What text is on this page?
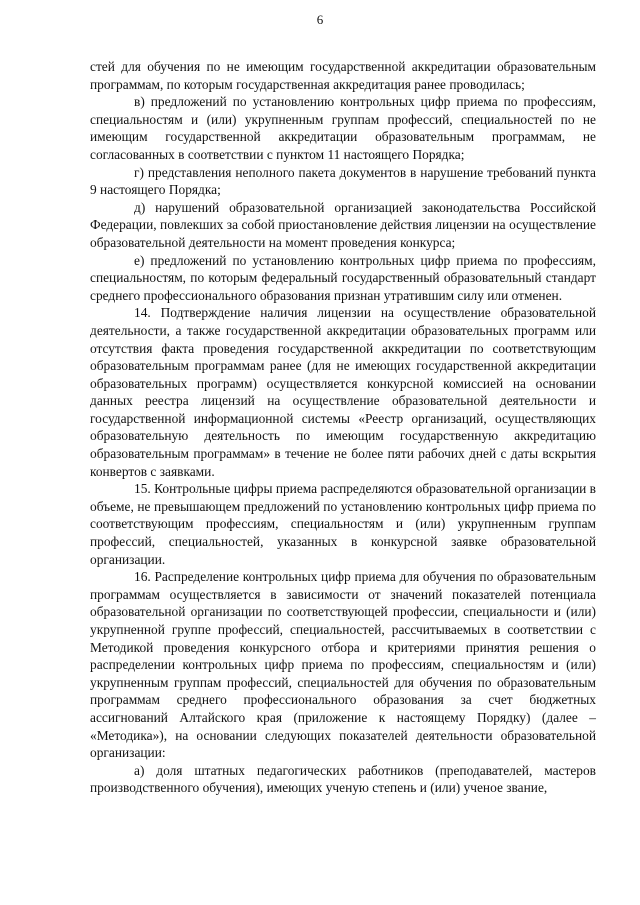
6

стей для обучения по не имеющим государственной аккредитации образовательным программам, по которым государственная аккредитация ранее проводилась;

в) предложений по установлению контрольных цифр приема по профессиям, специальностям и (или) укрупненным группам профессий, специальностей по не имеющим государственной аккредитации образовательным программам, не согласованных в соответствии с пунктом 11 настоящего Порядка;

г) представления неполного пакета документов в нарушение требований пункта 9 настоящего Порядка;

д) нарушений образовательной организацией законодательства Российской Федерации, повлекших за собой приостановление действия лицензии на осуществление образовательной деятельности на момент проведения конкурса;

е) предложений по установлению контрольных цифр приема по профессиям, специальностям, по которым федеральный государственный образовательный стандарт среднего профессионального образования признан утратившим силу или отменен.

14. Подтверждение наличия лицензии на осуществление образовательной деятельности, а также государственной аккредитации образовательных программ или отсутствия факта проведения государственной аккредитации по соответствующим образовательным программам ранее (для не имеющих государственной аккредитации образовательных программ) осуществляется конкурсной комиссией на основании данных реестра лицензий на осуществление образовательной деятельности и государственной информационной системы «Реестр организаций, осуществляющих образовательную деятельность по имеющим государственную аккредитацию образовательным программам» в течение не более пяти рабочих дней с даты вскрытия конвертов с заявками.

15. Контрольные цифры приема распределяются образовательной организации в объеме, не превышающем предложений по установлению контрольных цифр приема по соответствующим профессиям, специальностям и (или) укрупненным группам профессий, специальностей, указанных в конкурсной заявке образовательной организации.

16. Распределение контрольных цифр приема для обучения по образовательным программам осуществляется в зависимости от значений показателей потенциала образовательной организации по соответствующей профессии, специальности и (или) укрупненной группе профессий, специальностей, рассчитываемых в соответствии с Методикой проведения конкурсного отбора и критериями принятия решения о распределении контрольных цифр приема по профессиям, специальностям и (или) укрупненным группам профессий, специальностей для обучения по образовательным программам среднего профессионального образования за счет бюджетных ассигнований Алтайского края (приложение к настоящему Порядку) (далее – «Методика»), на основании следующих показателей деятельности образовательной организации:

а) доля штатных педагогических работников (преподавателей, мастеров производственного обучения), имеющих ученую степень и (или) ученое звание,
